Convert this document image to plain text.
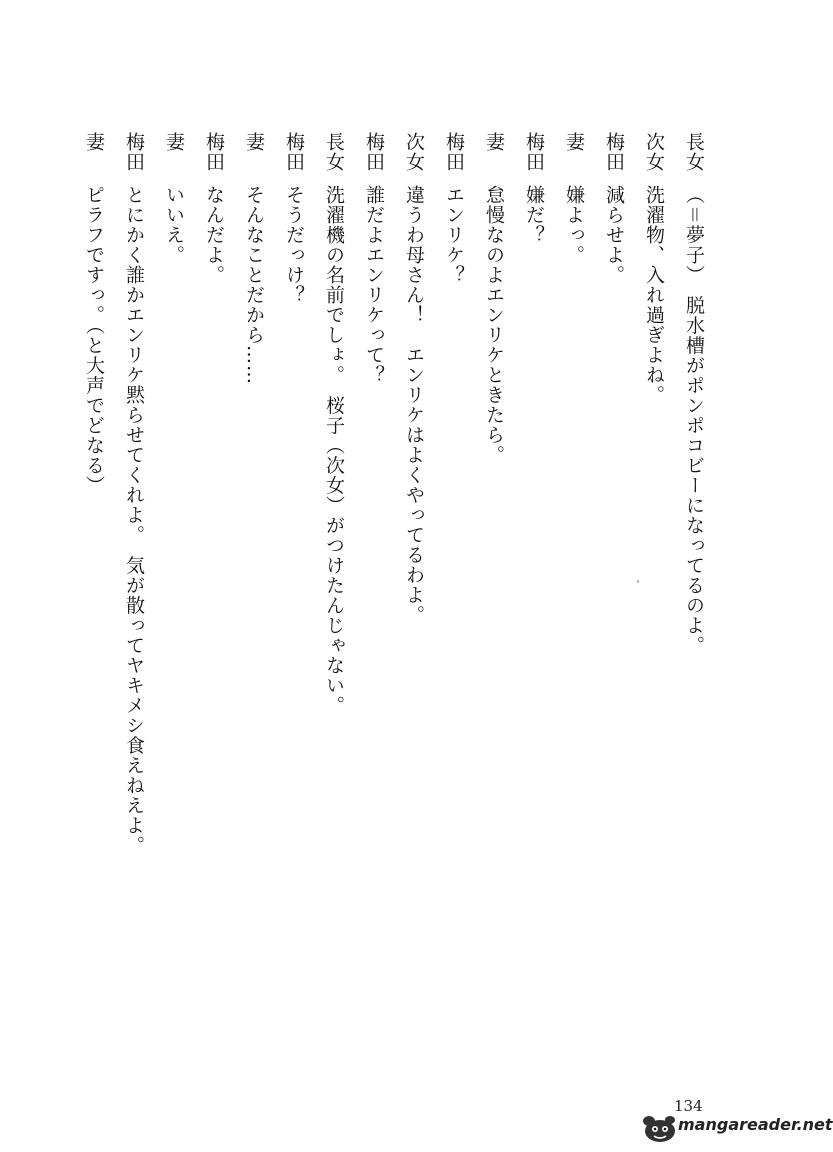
長女（＝夢子）　脱水槽がポンポコビーになってるのよ。
次女洗濯物、入れ過ぎよね。
梅田減らせよ。
妻嫌よっ。
梅田嫌だ？
妻怠慢なのよエンリケときたら。
梅田エンリケ？
次女違うわ母さん！　エンリケはよくやってるわよ。
梅田誰だよエンリケって？
長女洗濯機の名前でしょ。　桜子（次女）がつけたんじゃない。
梅田そうだっけ？
妻そんなことだから……
梅田なんだよ。
妻いいえ。
梅田とにかく誰かエンリケ黙らせてくれよ。　気が散ってヤキメシ食えねえよ。
妻ピラフですっ。（と大声でどなる）
134
mangareader.net
